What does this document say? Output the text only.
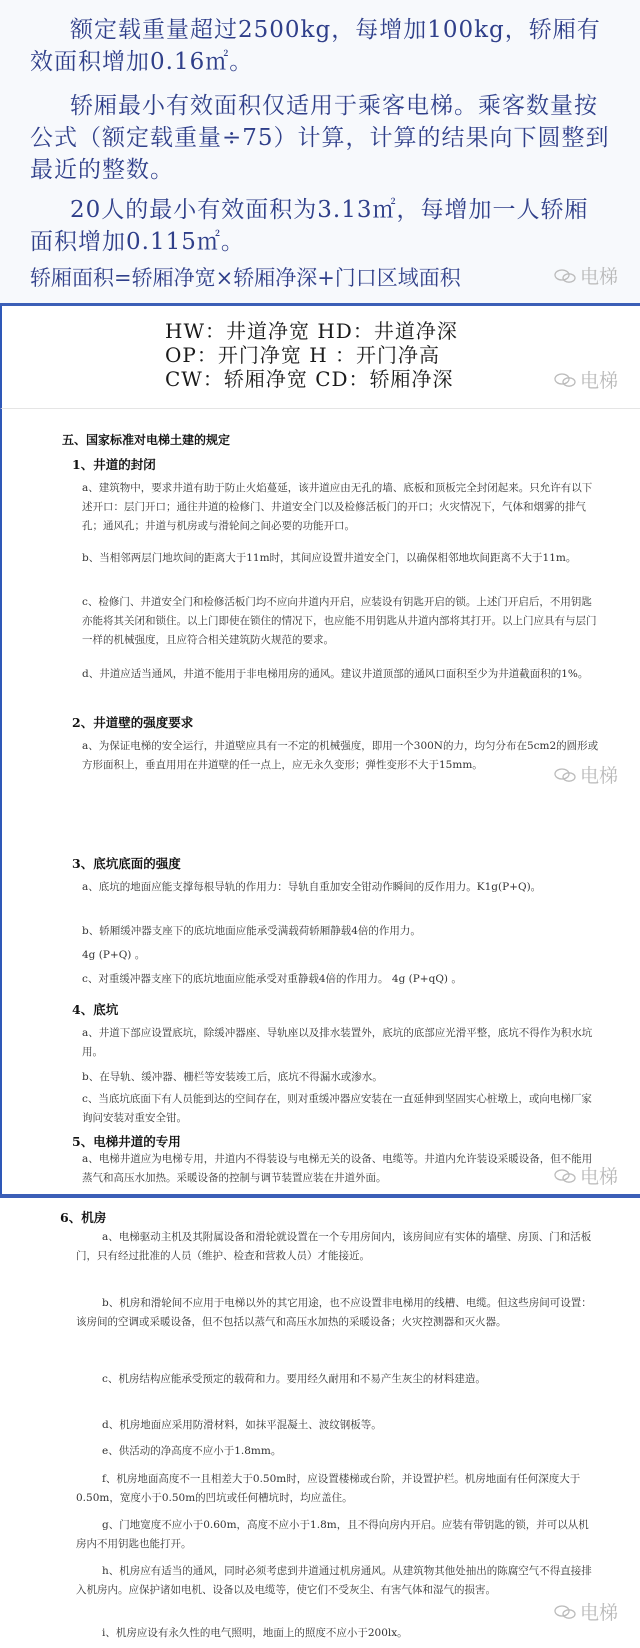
额定载重量超过2500kg，每增加100kg，轿厢有效面积增加0.16㎡。
轿厢最小有效面积仅适用于乘客电梯。乘客数量按公式（额定载重量÷75）计算，计算的结果向下圆整到最近的整数。
20人的最小有效面积为3.13㎡，每增加一人轿厢面积增加0.115㎡。
轿厢面积=轿厢净宽×轿厢净深+门口区域面积	电梯
HW：井道净宽 HD：井道净深
OP：开门净宽 H ：开门净高
CW：轿厢净宽 CD：轿厢净深	电梯
五、国家标准对电梯土建的规定
1、井道的封闭
a、建筑物中，要求井道有助于防止火焰蔓延，该井道应由无孔的墙、底板和顶板完全封闭起来。只允许有以下述开口：层门开口；通往井道的检修门、井道安全门以及检修活板门的开口；火灾情况下，气体和烟雾的排气孔；通风孔；井道与机房或与滑轮间之间必要的功能开口。
b、当相邻两层门地坎间的距离大于11m时，其间应设置井道安全门，以确保相邻地坎间距离不大于11m。
c、检修门、井道安全门和检修活板门均不应向井道内开启，应装设有钥匙开启的锁。上述门开启后，不用钥匙亦能将其关闭和锁住。以上门即使在锁住的情况下，也应能不用钥匙从井道内部将其打开。以上门应具有与层门一样的机械强度，且应符合相关建筑防火规范的要求。
d、井道应适当通风，井道不能用于非电梯用房的通风。建议井道顶部的通风口面积至少为井道截面积的1%。
2、井道壁的强度要求
a、为保证电梯的安全运行，井道壁应具有一不定的机械强度，即用一个300N的力，均匀分布在5cm2的圆形或方形面积上，垂直用用在井道壁的任一点上，应无永久变形；弹性变形不大于15mm。	电梯
3、底坑底面的强度
a、底坑的地面应能支撑每根导轨的作用力：导轨自重加安全钳动作瞬间的反作用力。K1g(P+Q)。
b、轿厢缓冲器支座下的底坑地面应能承受满载荷轿厢静载4倍的作用力。
4g (P+Q) 。
c、对重缓冲器支座下的底坑地面应能承受对重静载4倍的作用力。 4g (P+qQ) 。
4、底坑
a、井道下部应设置底坑，除缓冲器座、导轨座以及排水装置外，底坑的底部应光滑平整，底坑不得作为积水坑用。
b、在导轨、缓冲器、栅栏等安装竣工后，底坑不得漏水或渗水。
c、当底坑底面下有人员能到达的空间存在，则对重缓冲器应安装在一直延伸到坚固实心桩墩上，或向电梯厂家询问安装对重安全钳。
5、电梯井道的专用
a、电梯井道应为电梯专用，井道内不得装设与电梯无关的设备、电缆等。井道内允许装设采暖设备，但不能用蒸气和高压水加热。采暖设备的控制与调节装置应装在井道外面。	电梯
6、机房
a、电梯驱动主机及其附属设备和滑轮就设置在一个专用房间内，该房间应有实体的墙壁、房顶、门和活板门，只有经过批准的人员（维护、检查和营救人员）才能接近。
b、机房和滑轮间不应用于电梯以外的其它用途，也不应设置非电梯用的线槽、电缆。但这些房间可设置：该房间的空调或采暖设备，但不包括以蒸气和高压水加热的采暖设备；火灾控测器和灭火器。
c、机房结构应能承受预定的载荷和力。要用经久耐用和不易产生灰尘的材料建造。
d、机房地面应采用防滑材料，如抹平混凝土、波纹钢板等。
e、供活动的净高度不应小于1.8mm。
f、机房地面高度不一且相差大于0.50m时，应设置楼梯或台阶，并设置护栏。机房地面有任何深度大于0.50m，宽度小于0.50m的凹坑或任何槽坑时，均应盖住。
g、门地宽度不应小于0.60m，高度不应小于1.8m，且不得向房内开启。应装有带钥匙的锁，并可以从机房内不用钥匙也能打开。
h、机房应有适当的通风，同时必须考虑到井道通过机房通风。从建筑物其他处抽出的陈腐空气不得直接排入机房内。应保护诸如电机、设备以及电缆等，使它们不受灰尘、有害气体和湿气的损害。
i、机房应设有永久性的电气照明，地面上的照度不应小于200lx。
电梯
